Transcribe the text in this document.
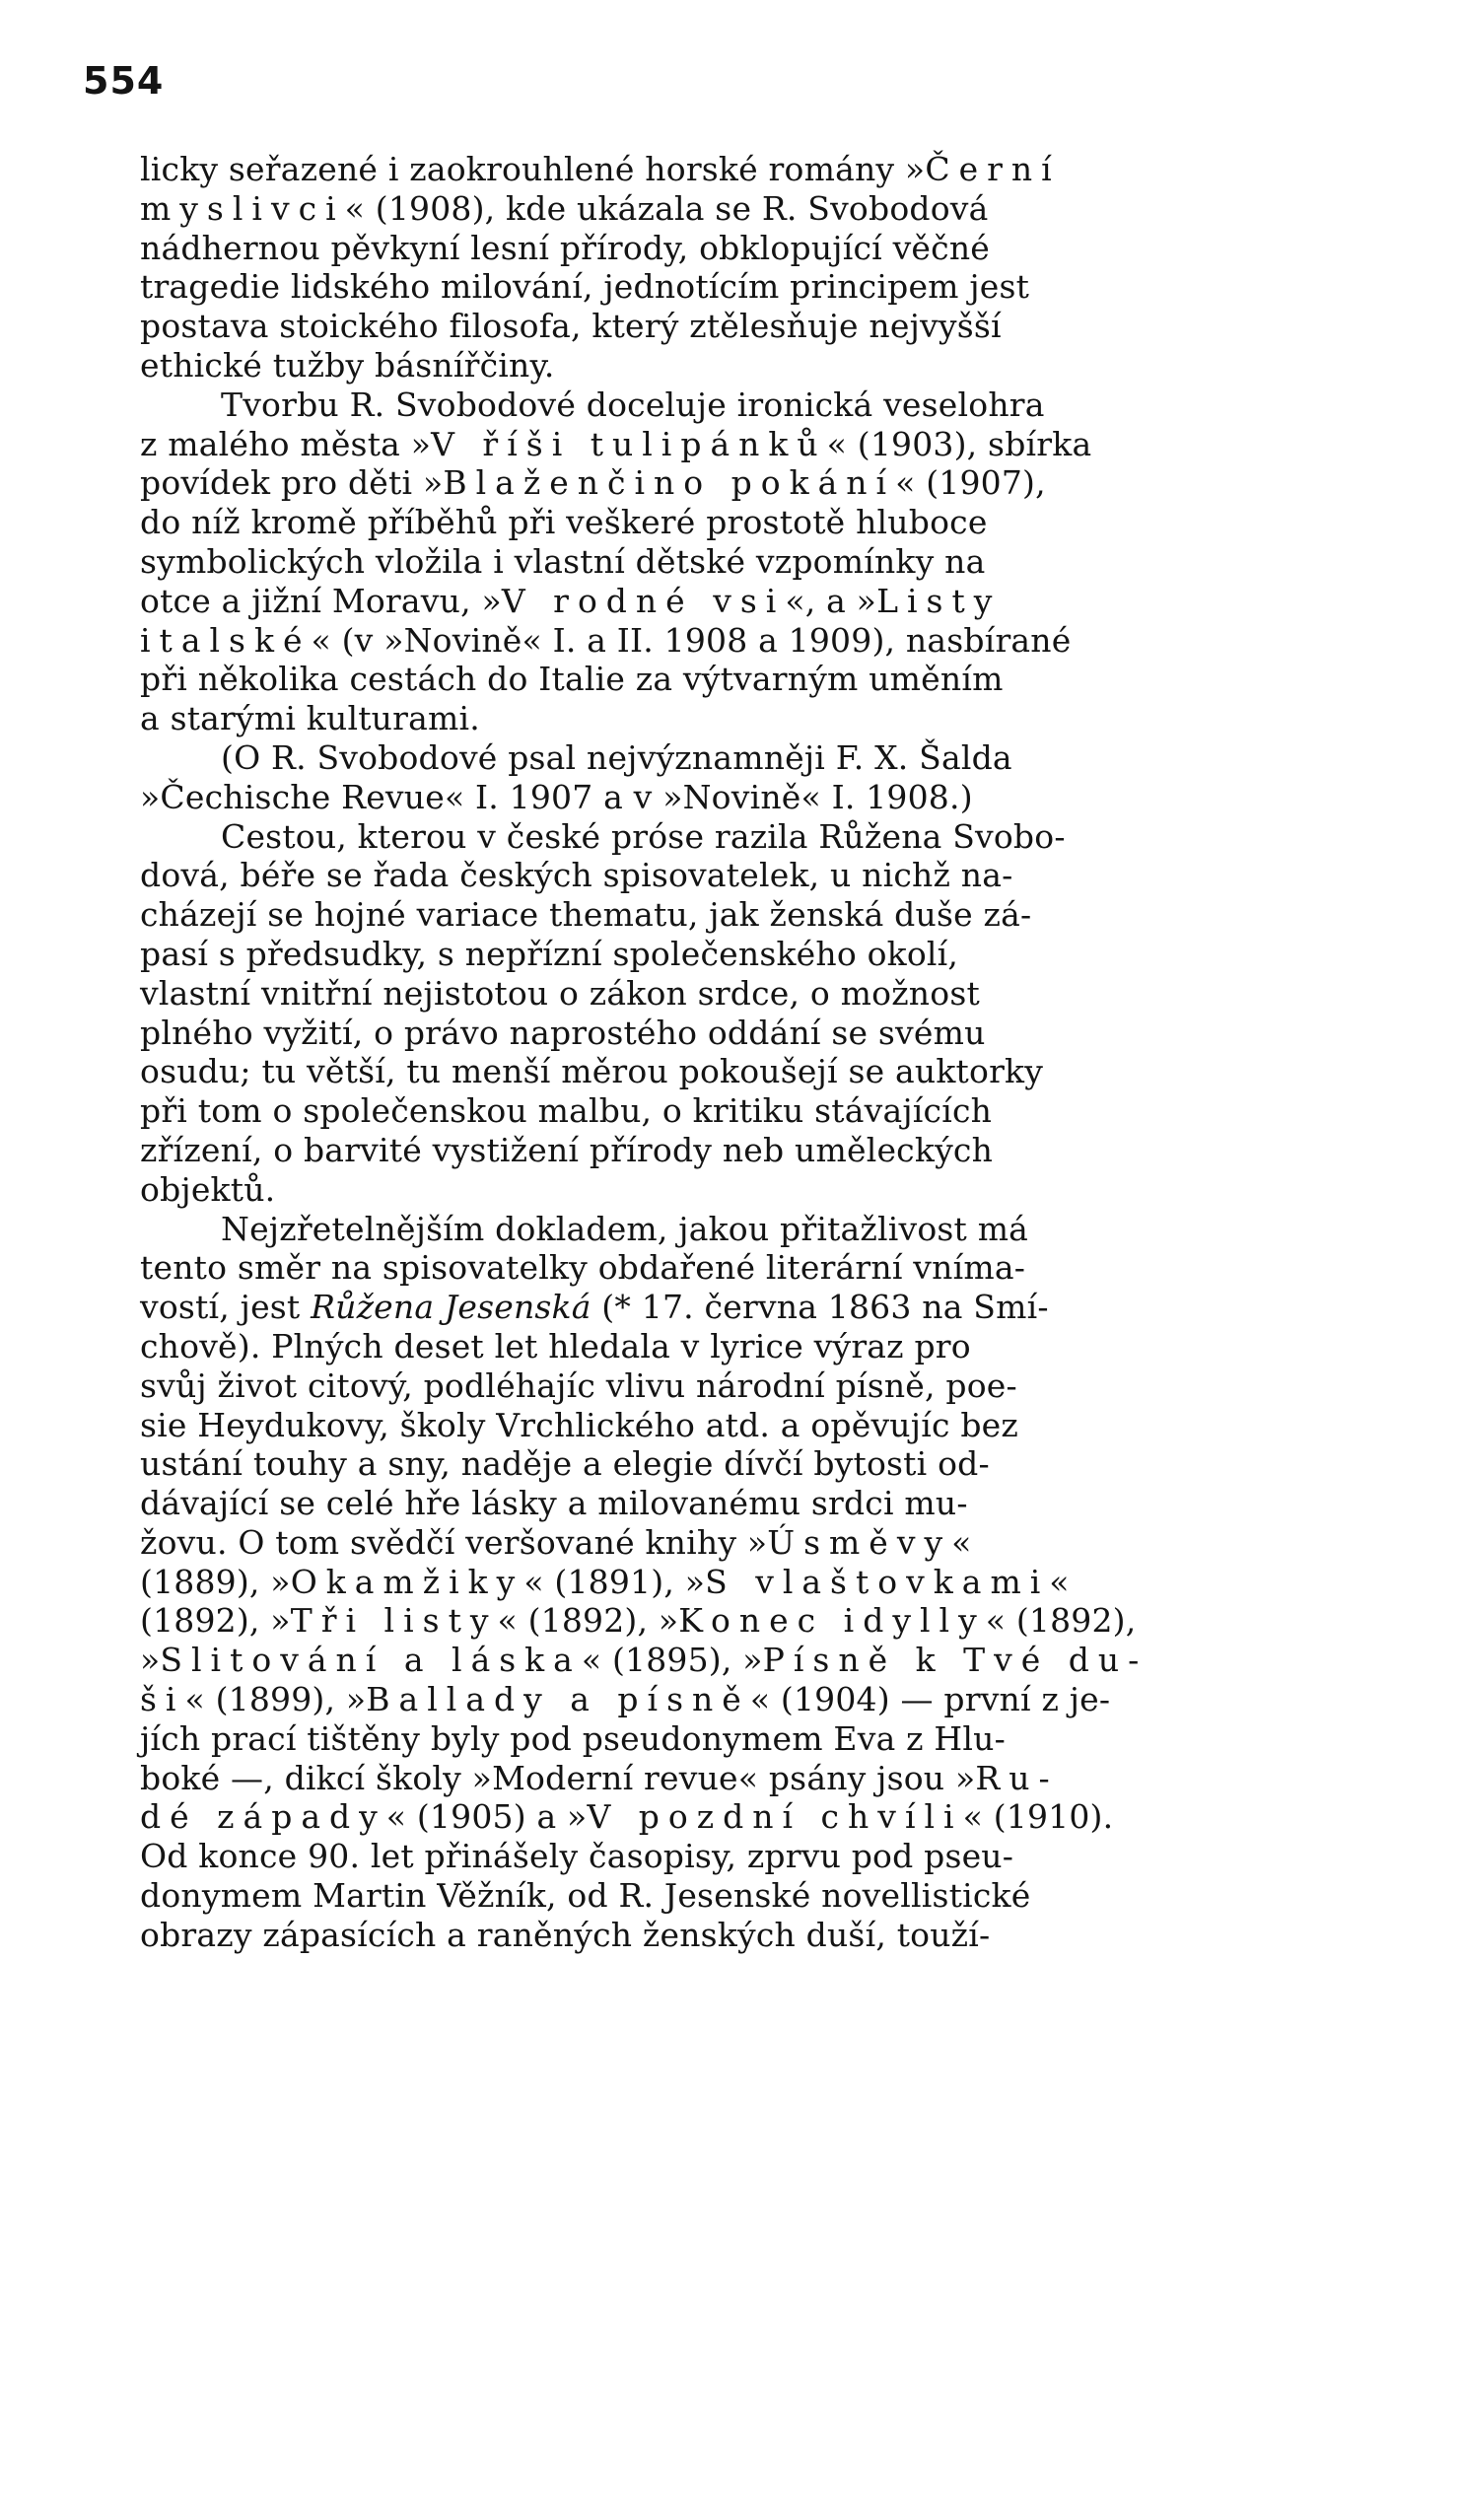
554
licky seřazené i zaokrouhlené horské romány »Černí
myslivci« (1908), kde ukázala se R. Svobodová
nádhernou pěvkyní lesní přírody, obklopující věčné
tragedie lidského milování, jednotícím principem jest
postava stoického filosofa, který ztělesňuje nejvyšší
ethické tužby básnířčiny.
Tvorbu R. Svobodové doceluje ironická veselohra
z malého města »V říši tulipánků« (1903), sbírka
povídek pro děti »Blaženčino pokání« (1907),
do níž kromě příběhů při veškeré prostotě hluboce
symbolických vložila i vlastní dětské vzpomínky na
otce a jižní Moravu, »V rodné vsi«, a »Listy
italské« (v »Novině« I. a II. 1908 a 1909), nasbírané
při několika cestách do Italie za výtvarným uměním
a starými kulturami.
(O R. Svobodové psal nejvýznamněji F. X. Šalda
»Čechische Revue« I. 1907 a v »Novině« I. 1908.)
Cestou, kterou v české próse razila Růžena Svobo-
dová, béře se řada českých spisovatelek, u nichž na-
cházejí se hojné variace thematu, jak ženská duše zá-
pasí s předsudky, s nepřízní společenského okolí,
vlastní vnitřní nejistotou o zákon srdce, o možnost
plného vyžití, o právo naprostého oddání se svému
osudu; tu větší, tu menší měrou pokoušejí se auktorky
při tom o společenskou malbu, o kritiku stávajících
zřízení, o barvité vystižení přírody neb uměleckých
objektů.
Nejzřetelnějším dokladem, jakou přitažlivost má
tento směr na spisovatelky obdařené literární vníma-
vostí, jest Růžena Jesenská (* 17. června 1863 na Smí-
chově). Plných deset let hledala v lyrice výraz pro
svůj život citový, podléhajíc vlivu národní písně, poe-
sie Heydukovy, školy Vrchlického atd. a opěvujíc bez
ustání touhy a sny, naděje a elegie dívčí bytosti od-
dávající se celé hře lásky a milovanému srdci mu-
žovu. O tom svědčí veršované knihy »Úsměvy«
(1889), »Okamžiky« (1891), »S vlaštovkami«
(1892), »Tři listy« (1892), »Konec idylly« (1892),
»Slitování a láska« (1895), »Písně k Tvé du-
ši« (1899), »Ballady a písně« (1904) — první z je-
jích prací tištěny byly pod pseudonymem Eva z Hlu-
boké —, dikcí školy »Moderní revue« psány jsou »Ru-
dé západy« (1905) a »V pozdní chvíli« (1910).
Od konce 90. let přinášely časopisy, zprvu pod pseu-
donymem Martin Věžník, od R. Jesenské novellistické
obrazy zápasících a raněných ženských duší, touží-
